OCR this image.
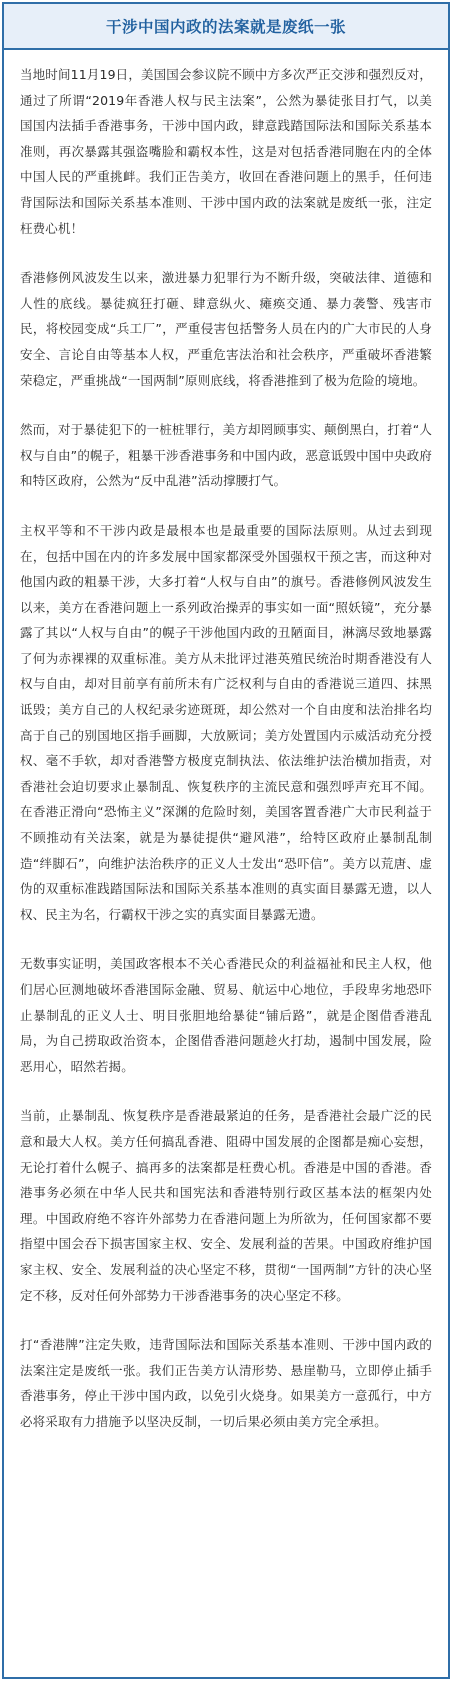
干涉中国内政的法案就是废纸一张

当地时间11月19日，美国国会参议院不顾中方多次严正交涉和强烈反对，通过了所谓“2019年香港人权与民主法案”，公然为暴徒张目打气，以美国国内法插手香港事务，干涉中国内政，肆意践踏国际法和国际关系基本准则，再次暴露其强盗嘴脸和霸权本性，这是对包括香港同胞在内的全体中国人民的严重挑衅。我们正告美方，收回在香港问题上的黑手，任何违背国际法和国际关系基本准则、干涉中国内政的法案就是废纸一张，注定枉费心机！

香港修例风波发生以来，激进暴力犯罪行为不断升级，突破法律、道德和人性的底线。暴徒疯狂打砸、肆意纵火、瘫痪交通、暴力袭警、残害市民，将校园变成“兵工厂”，严重侵害包括警务人员在内的广大市民的人身安全、言论自由等基本人权，严重危害法治和社会秩序，严重破坏香港繁荣稳定，严重挑战“一国两制”原则底线，将香港推到了极为危险的境地。

然而，对于暴徒犯下的一桩桩罪行，美方却罔顾事实、颠倒黑白，打着“人权与自由”的幌子，粗暴干涉香港事务和中国内政，恶意诋毁中国中央政府和特区政府，公然为“反中乱港”活动撑腰打气。

主权平等和不干涉内政是最根本也是最重要的国际法原则。从过去到现在，包括中国在内的许多发展中国家都深受外国强权干预之害，而这种对他国内政的粗暴干涉，大多打着“人权与自由”的旗号。香港修例风波发生以来，美方在香港问题上一系列政治操弄的事实如一面“照妖镜”，充分暴露了其以“人权与自由”的幌子干涉他国内政的丑陋面目，淋漓尽致地暴露了何为赤裸裸的双重标准。美方从未批评过港英殖民统治时期香港没有人权与自由，却对目前享有前所未有广泛权利与自由的香港说三道四、抹黑诋毁；美方自己的人权纪录劣迹斑斑，却公然对一个自由度和法治排名均高于自己的别国地区指手画脚，大放厥词；美方处置国内示威活动充分授权、毫不手软，却对香港警方极度克制执法、依法维护法治横加指责，对香港社会迫切要求止暴制乱、恢复秩序的主流民意和强烈呼声充耳不闻。在香港正滑向“恐怖主义”深渊的危险时刻，美国客置香港广大市民利益于不顾推动有关法案，就是为暴徒提供“避风港”，给特区政府止暴制乱制造“绊脚石”，向维护法治秩序的正义人士发出“恐吓信”。美方以荒唐、虚伪的双重标准践踏国际法和国际关系基本准则的真实面目暴露无遗，以人权、民主为名，行霸权干涉之实的真实面目暴露无遗。

无数事实证明，美国政客根本不关心香港民众的利益福祉和民主人权，他们居心叵测地破坏香港国际金融、贸易、航运中心地位，手段卑劣地恐吓止暴制乱的正义人士、明目张胆地给暴徒“铺后路”，就是企图借香港乱局，为自己捞取政治资本，企图借香港问题趁火打劫，遏制中国发展，险恶用心，昭然若揭。

当前，止暴制乱、恢复秩序是香港最紧迫的任务，是香港社会最广泛的民意和最大人权。美方任何搞乱香港、阻碍中国发展的企图都是痴心妄想，无论打着什么幌子、搞再多的法案都是枉费心机。香港是中国的香港。香港事务必须在中华人民共和国宪法和香港特别行政区基本法的框架内处理。中国政府绝不容许外部势力在香港问题上为所欲为，任何国家都不要指望中国会吞下损害国家主权、安全、发展利益的苦果。中国政府维护国家主权、安全、发展利益的决心坚定不移，贯彻“一国两制”方针的决心坚定不移，反对任何外部势力干涉香港事务的决心坚定不移。

打“香港牌”注定失败，违背国际法和国际关系基本准则、干涉中国内政的法案注定是废纸一张。我们正告美方认清形势、悬崖勒马，立即停止插手香港事务，停止干涉中国内政，以免引火烧身。如果美方一意孤行，中方必将采取有力措施予以坚决反制，一切后果必须由美方完全承担。
